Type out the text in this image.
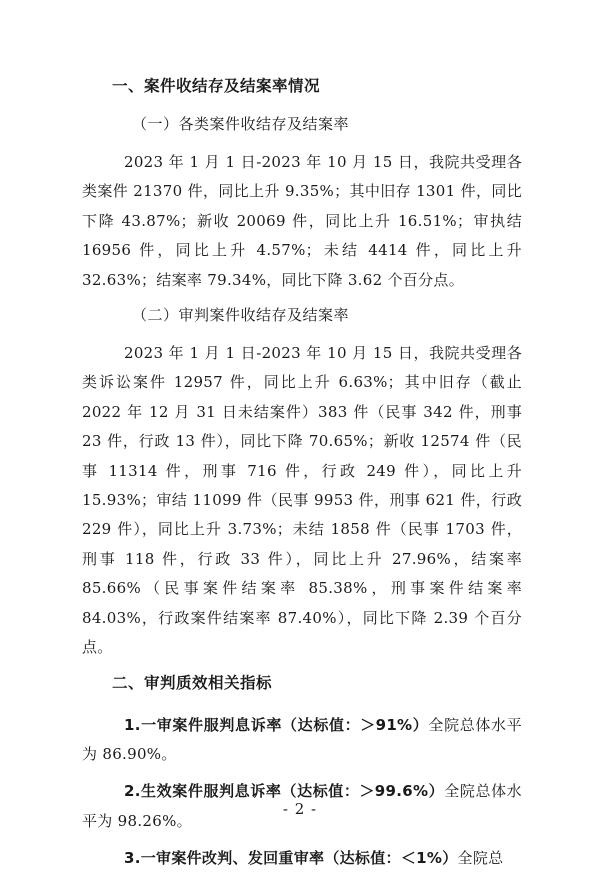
一、案件收结存及结案率情况
（一）各类案件收结存及结案率

2023 年 1 月 1 日-2023 年 10 月 15 日，我院共受理各类案件 21370 件，同比上升 9.35%；其中旧存 1301 件，同比下降 43.87%；新收 20069 件，同比上升 16.51%；审执结 16956 件，同比上升 4.57%；未结 4414 件，同比上升 32.63%；结案率 79.34%，同比下降 3.62 个百分点。

（二）审判案件收结存及结案率

2023 年 1 月 1 日-2023 年 10 月 15 日，我院共受理各类诉讼案件 12957 件，同比上升 6.63%；其中旧存（截止 2022 年 12 月 31 日未结案件）383 件（民事 342 件，刑事 23 件，行政 13 件），同比下降 70.65%；新收 12574 件（民事 11314 件，刑事 716 件，行政 249 件），同比上升 15.93%；审结 11099 件（民事 9953 件，刑事 621 件，行政 229 件），同比上升 3.73%；未结 1858 件（民事 1703 件，刑事 118 件，行政 33 件），同比上升 27.96%，结案率 85.66%（民事案件结案率 85.38%，刑事案件结案率 84.03%，行政案件结案率 87.40%），同比下降 2.39 个百分点。

二、审判质效相关指标

1.一审案件服判息诉率（达标值：＞91%）全院总体水平为 86.90%。

2.生效案件服判息诉率（达标值：＞99.6%）全院总体水平为 98.26%。

3.一审案件改判、发回重审率（达标值：＜1%）全院总

- 2 -
